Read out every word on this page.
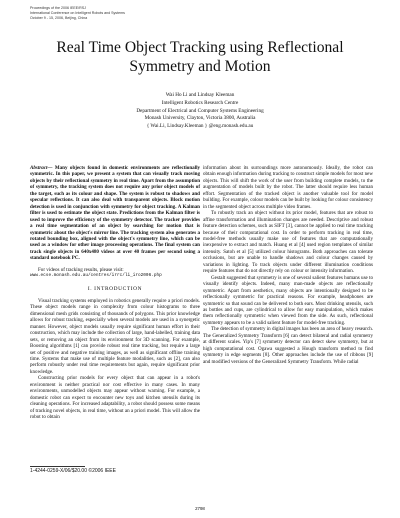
Proceedings of the 2006 IEEE/RSJ
International Conference on Intelligent Robots and Systems
October 9 - 15, 2006, Beijing, China
Real Time Object Tracking using Reflectional
Symmetry and Motion
Wai Ho Li and Lindsay Kleeman
Intelligent Robotics Research Centre
Department of Electrical and Computer Systems Engineering
Monash University, Clayton, Victoria 3800, Australia
{ Wai.Li, Lindsay.Kleeman } @eng.monash.edu.au

Abstract— Many objects found in domestic environments are reflectionally symmetric. In this paper, we present a system that can visually track moving objects by their reflectional symmetry in real time. Apart from the assumption of symmetry, the tracking system does not require any prior object models of the target, such as its colour and shape. The system is robust to shadows and specular reflections. It can also deal with transparent objects. Block motion detection is used in conjunction with symmetry for object tracking. A Kalman filter is used to estimate the object state. Predictions from the Kalman filter is used to improve the efficiency of the symmetry detector. The tracker provides a real time segmentation of an object by searching for motion that is symmetric about the object's mirror line. The tracking system also generates a rotated bounding box, aligned with the object's symmetry line, which can be used as a window for other image processing operations. The final system can track single objects in 640x480 videos at over 40 frames per second using a standard notebook PC.

For videos of tracking results, please visit:

www.ecse.monash.edu.au/centres/irrc/li_iro2006.php

I. INTRODUCTION

Visual tracking systems employed in robotics generally require a priori models. These object models range in complexity from colour histograms to three dimensional mesh grids consisting of thousands of polygons. This prior knowledge allows for robust tracking, especially when several models are used in a synergetic manner. However, object models usually require significant human effort in their construction, which may include the collection of large, hand-labelled, training data sets, or removing an object from its environment for 3D scanning. For example, Boosting algorithms [1] can provide robust real time tracking, but require a large set of positive and negative training images, as well as significant offline training time. Systems that make use of multiple feature modalities, such as [2], can also perform robustly under real time requirements but again, require significant prior knowledge.

Constructing prior models for every object that can appear in a robot's environment is neither practical nor cost effective in many cases. In many environments, unmodelled objects may appear without warning. For example, a domestic robot can expect to encounter new toys and kitchen utensils during its cleaning operations. For increased adaptability, a robot should possess some means of tracking novel objects, in real time, without an a priori model. This will allow the robot to obtain

information about its surroundings more autonomously. Ideally, the robot can obtain enough information during tracking to construct simple models for most new objects. This will shift the work of the user from building complete models, to the augmentation of models built by the robot. The latter should require less human effort. Segmentation of the tracked object is another valuable tool for model building. For example, colour models can be built by looking for colour consistency in the segmented object across multiple video frames.

To robustly track an object without its prior model, features that are robust to affine transformation and illumination changes are needed. Descriptive and robust feature detection schemes, such as SIFT [3], cannot be applied to real time tracking because of their computational cost. In order to perform tracking in real time, model-free methods usually make use of features that are computationally inexpensive to extract and match. Huang et al [4] used region templates of similar intensity. Satoh et al [5] utilized colour histograms. Both approaches can tolerate occlusions, but are unable to handle shadows and colour changes caused by variations in lighting. To track objects under different illumination conditions require features that do not directly rely on colour or intensity information.

Gestalt suggested that symmetry is one of several salient features humans use to visually identify objects. Indeed, many man-made objects are reflectionally symmetric. Apart from aesthetics, many objects are intentionally designed to be reflectionally symmetric for practical reasons. For example, headphones are symmetric so that sound can be delivered to both ears. Most drinking utensils, such as bottles and cups, are cylindrical to allow for easy manipulation, which makes them reflectionally symmetric when viewed from the side. As such, reflectional symmetry appears to be a valid salient feature for model-free tracking.

The detection of symmetry in digital images has been an area of heavy research. The Generalized Symmetry Transform [6] can detect bilateral and radial symmetry at different scales. Yip's [7] symmetry detector can detect skew symmetry, but at high computational cost. Ogawa suggested a Hough transform method to find symmetry in edge segments [8]. Other approaches include the use of ribbons [9] and modified versions of the Generalized Symmetry Transform. While radial

1-4244-0259-X/06/$20.00 ©2006 IEEE
2798
